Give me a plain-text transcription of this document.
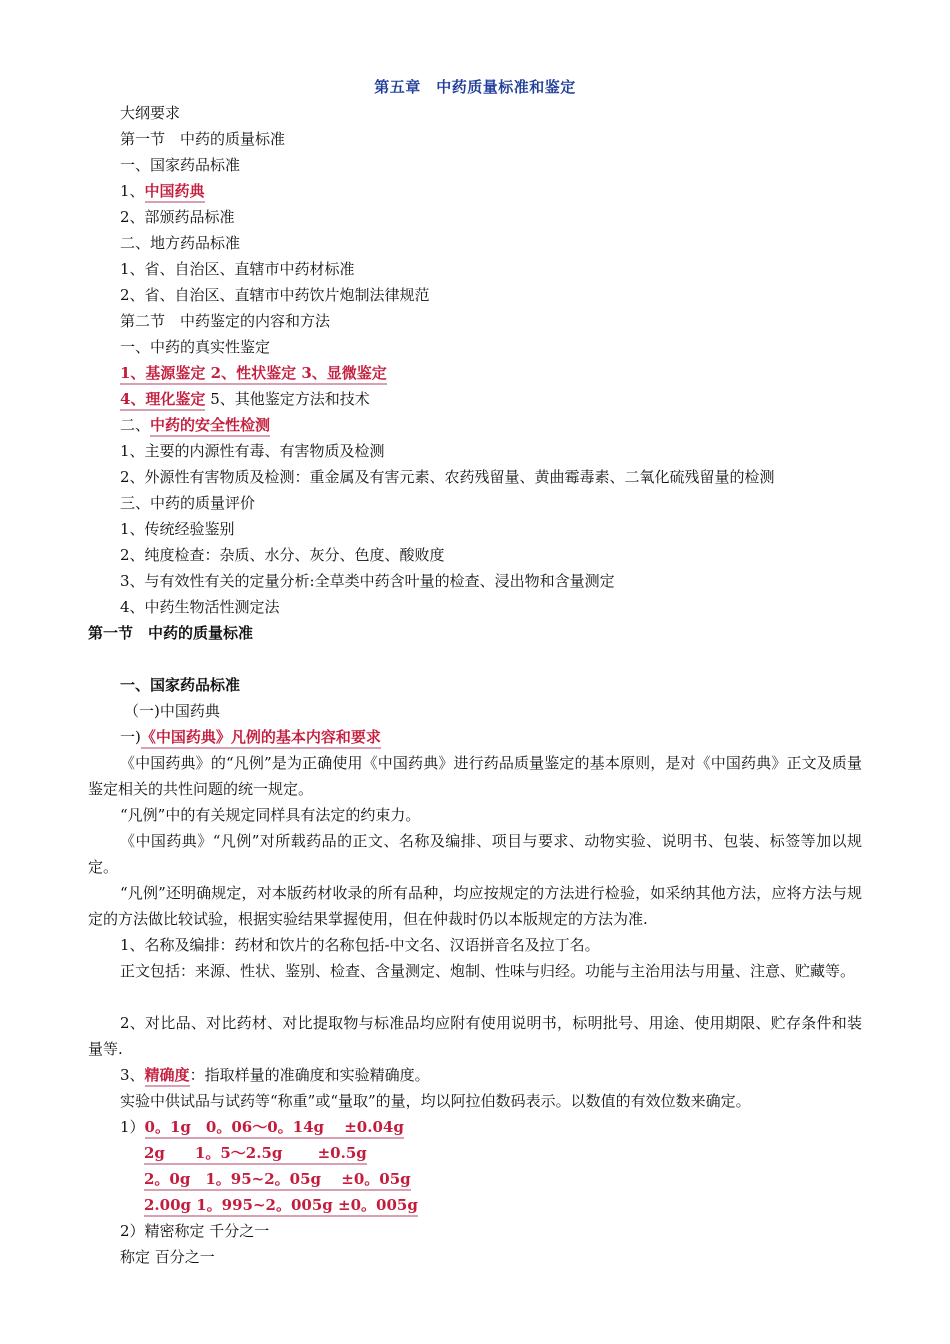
第五章　中药质量标准和鉴定
大纲要求
第一节　中药的质量标准
一、国家药品标准
1、中国药典
2、部颁药品标准
二、地方药品标准
1、省、自治区、直辖市中药材标准
2、省、自治区、直辖市中药饮片炮制法律规范
第二节　中药鉴定的内容和方法
一、中药的真实性鉴定
1、基源鉴定 2、性状鉴定 3、显微鉴定
4、理化鉴定 5、其他鉴定方法和技术
二、中药的安全性检测
1、主要的内源性有毒、有害物质及检测
2、外源性有害物质及检测：重金属及有害元素、农药残留量、黄曲霉毒素、二氧化硫残留量的检测
三、中药的质量评价
1、传统经验鉴别
2、纯度检查：杂质、水分、灰分、色度、酸败度
3、与有效性有关的定量分析:全草类中药含叶量的检查、浸出物和含量测定
4、中药生物活性测定法
第一节　中药的质量标准
一、国家药品标准
（一)中国药典
一)《中国药典》凡例的基本内容和要求
《中国药典》的“凡例”是为正确使用《中国药典》进行药品质量鉴定的基本原则，是对《中国药典》正文及质量鉴定相关的共性问题的统一规定。
“凡例”中的有关规定同样具有法定的约束力。
《中国药典》“凡例”对所载药品的正文、名称及编排、项目与要求、动物实验、说明书、包装、标签等加以规定。
“凡例”还明确规定，对本版药材收录的所有品种，均应按规定的方法进行检验，如采纳其他方法，应将方法与规定的方法做比较试验，根据实验结果掌握使用，但在仲裁时仍以本版规定的方法为准.
1、名称及编排：药材和饮片的名称包括-中文名、汉语拼音名及拉丁名。
正文包括：来源、性状、鉴别、检查、含量测定、炮制、性味与归经。功能与主治用法与用量、注意、贮藏等。
2、对比品、对比药材、对比提取物与标准品均应附有使用说明书，标明批号、用途、使用期限、贮存条件和装量等.
3、精确度：指取样量的准确度和实验精确度。
实验中供试品与试药等“称重”或“量取”的量，均以阿拉伯数码表示。以数值的有效位数来确定。
1）0。1g　0。06～0。14g　 ±0.04g
2g　　1。5～2.5g　　 ±0.5g
2。0g　1。95~2。05g　 ±0。05g
2.00g 1。995~2。005g ±0。005g
2）精密称定 千分之一
称定 百分之一
